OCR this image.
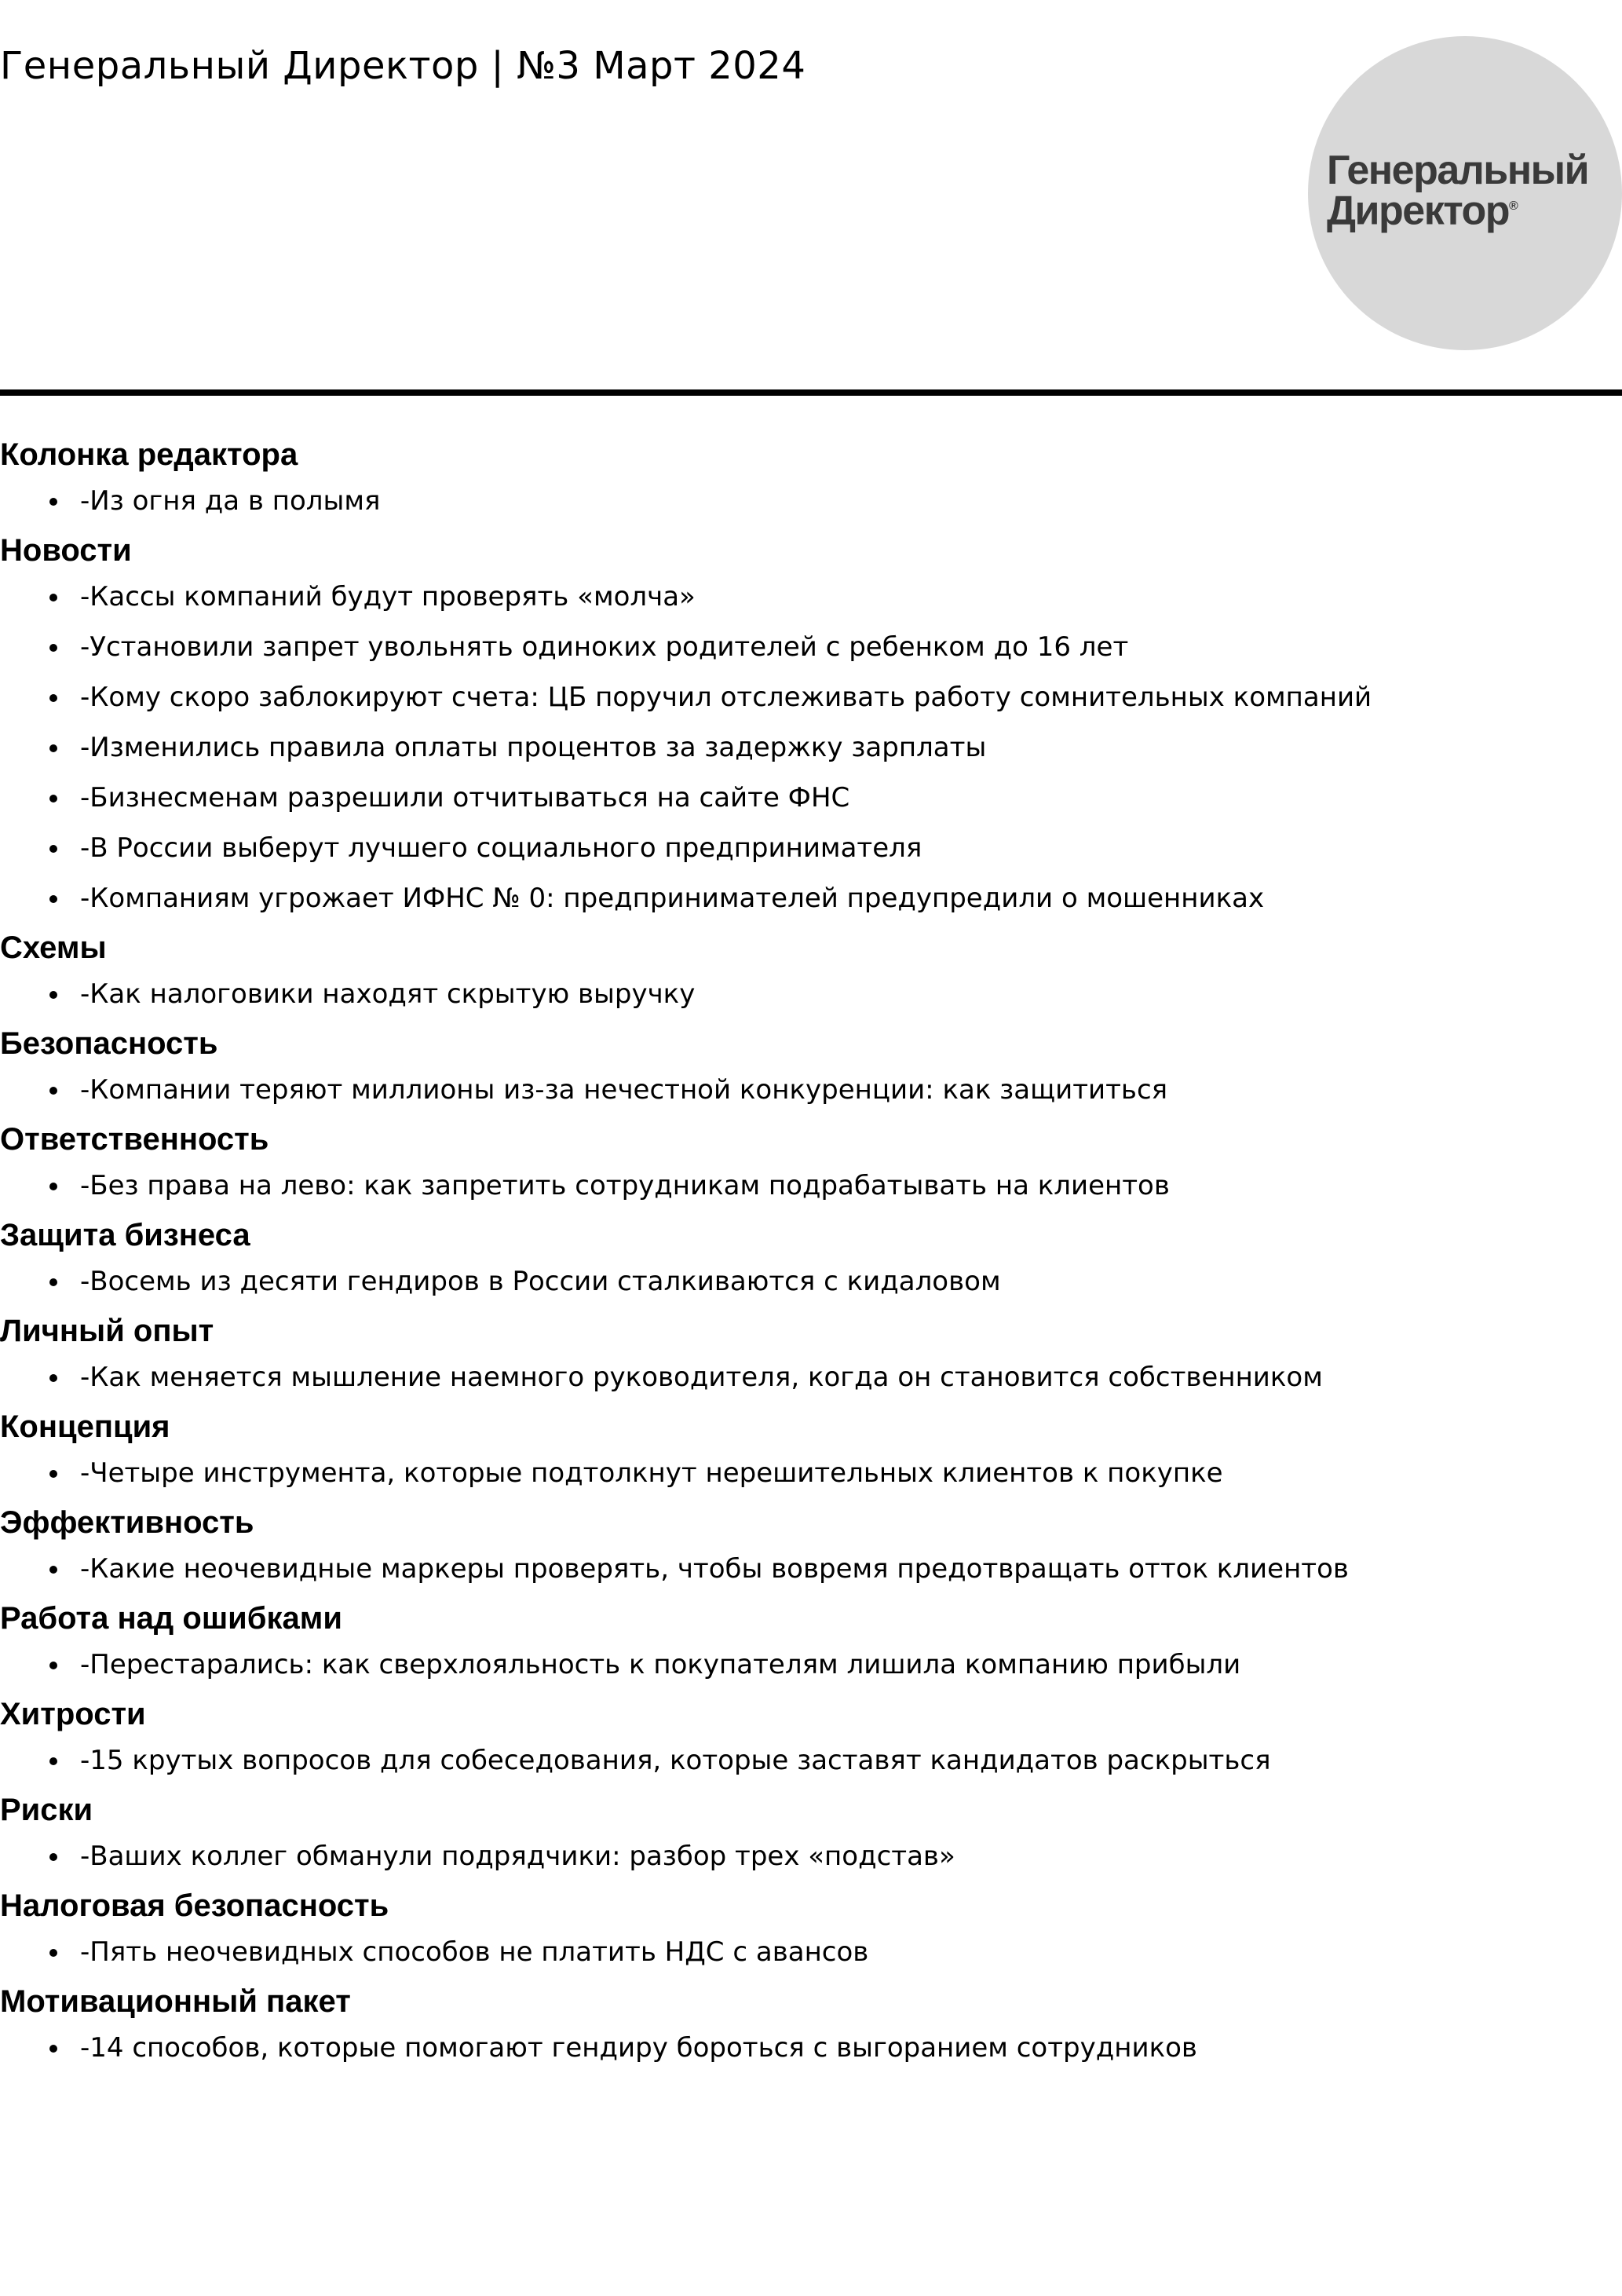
Генеральный Директор | №3 Март 2024
Генеральный
Директор®
Колонка редактора
-Из огня да в полымя
Новости
-Кассы компаний будут проверять «молча»
-Установили запрет увольнять одиноких родителей с ребенком до 16 лет
-Кому скоро заблокируют счета: ЦБ поручил отслеживать работу сомнительных компаний
-Изменились правила оплаты процентов за задержку зарплаты
-Бизнесменам разрешили отчитываться на сайте ФНС
-В России выберут лучшего социального предпринимателя
-Компаниям угрожает ИФНС № 0: предпринимателей предупредили о мошенниках
Схемы
-Как налоговики находят скрытую выручку
Безопасность
-Компании теряют миллионы из-за нечестной конкуренции: как защититься
Ответственность
-Без права на лево: как запретить сотрудникам подрабатывать на клиентов
Защита бизнеса
-Восемь из десяти гендиров в России сталкиваются с кидаловом
Личный опыт
-Как меняется мышление наемного руководителя, когда он становится собственником
Концепция
-Четыре инструмента, которые подтолкнут нерешительных клиентов к покупке
Эффективность
-Какие неочевидные маркеры проверять, чтобы вовремя предотвращать отток клиентов
Работа над ошибками
-Перестарались: как сверхлояльность к покупателям лишила компанию прибыли
Хитрости
-15 крутых вопросов для собеседования, которые заставят кандидатов раскрыться
Риски
-Ваших коллег обманули подрядчики: разбор трех «подстав»
Налоговая безопасность
-Пять неочевидных способов не платить НДС с авансов
Мотивационный пакет
-14 способов, которые помогают гендиру бороться с выгоранием сотрудников
